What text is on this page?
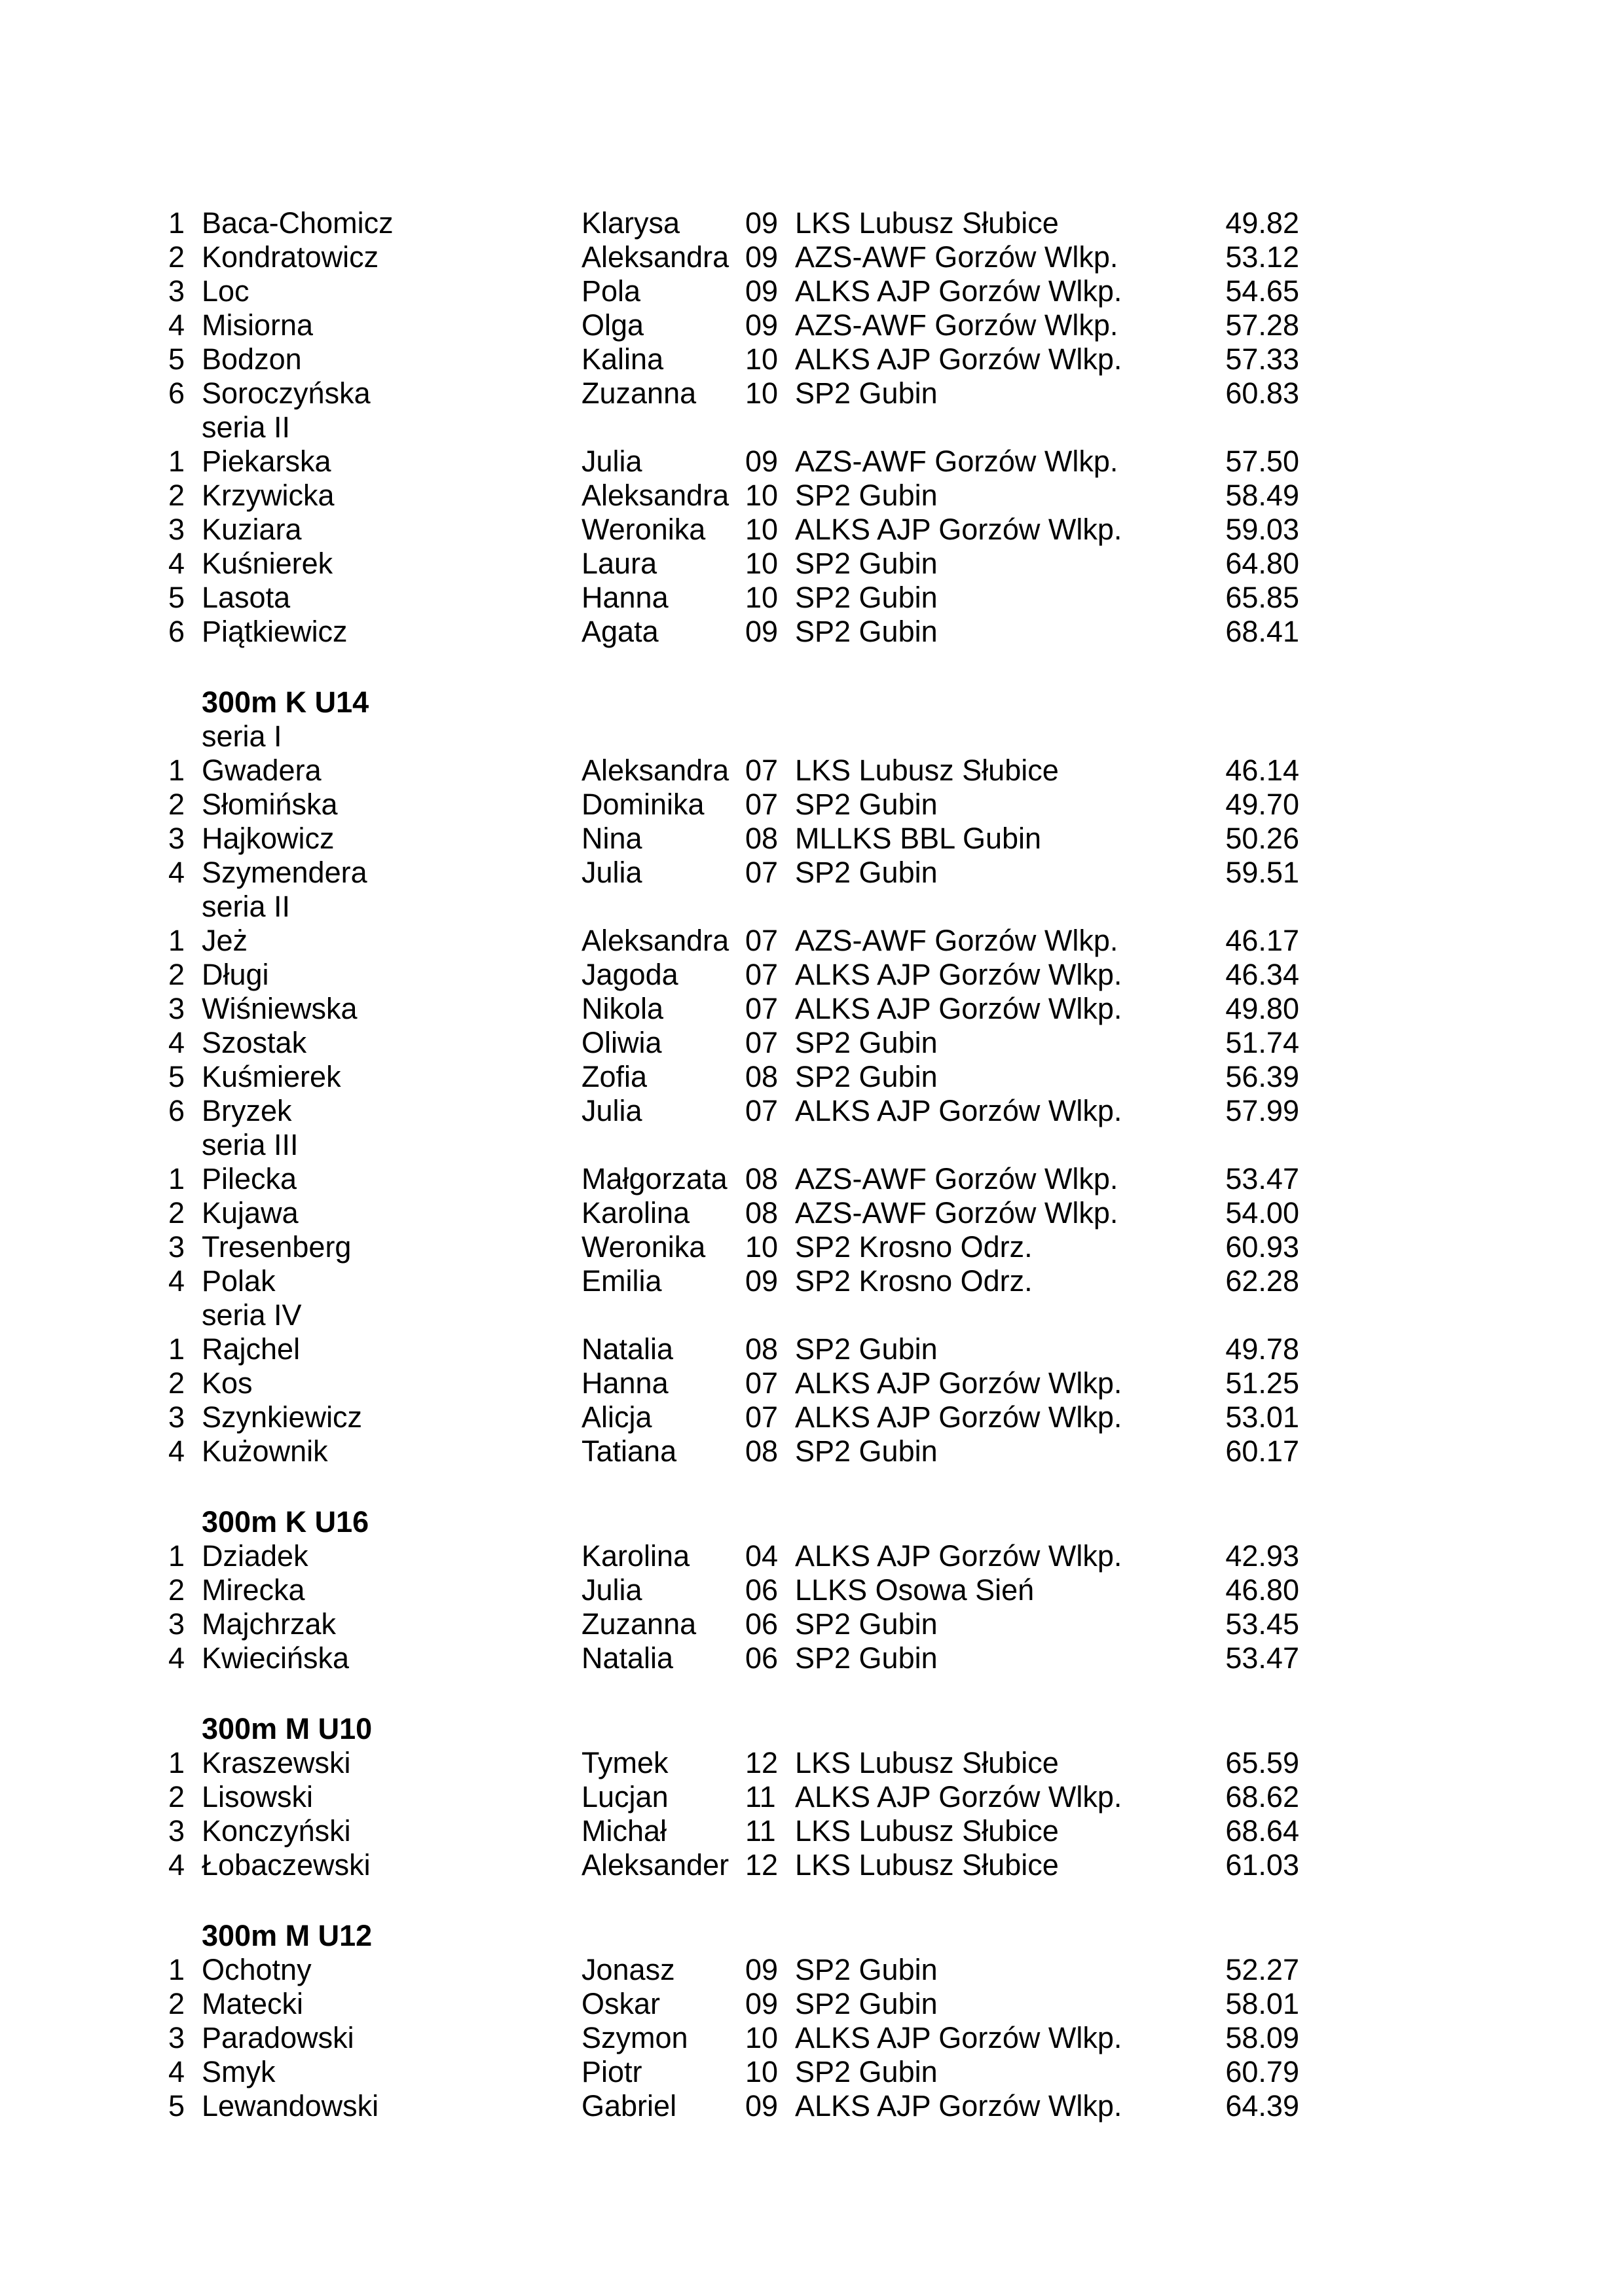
1 Baca-Chomicz	Klarysa 09 LKS Lubusz Słubice	49.82
2 Kondratowicz	Aleksandra 09 AZS-AWF Gorzów Wlkp.	53.12
3 Loc	Pola	09 ALKS AJP Gorzów Wlkp.	54.65
4 Misiorna	Olga	09 AZS-AWF Gorzów Wlkp.	57.28
5 Bodzon	Kalina	10 ALKS AJP Gorzów Wlkp.	57.33
6 Soroczyńska	Zuzanna 10 SP2 Gubin	60.83
seria II
1 Piekarska	Julia	09 AZS-AWF Gorzów Wlkp.	57.50
2 Krzywicka	Aleksandra 10 SP2 Gubin	58.49
3 Kuziara	Weronika 10 ALKS AJP Gorzów Wlkp.	59.03
4 Kuśnierek	Laura	10 SP2 Gubin	64.80
5 Lasota	Hanna	10 SP2 Gubin	65.85
6 Piątkiewicz	Agata	09 SP2 Gubin	68.41
300m K U14
seria I
1 Gwadera	Aleksandra 07 LKS Lubusz Słubice	46.14
2 Słomińska	Dominika 07 SP2 Gubin	49.70
3 Hajkowicz	Nina	08 MLLKS BBL Gubin	50.26
4 Szymendera	Julia	07 SP2 Gubin	59.51
seria II
1 Jeż	Aleksandra 07 AZS-AWF Gorzów Wlkp.	46.17
2 Długi	Jagoda 07 ALKS AJP Gorzów Wlkp.	46.34
3 Wiśniewska	Nikola	07 ALKS AJP Gorzów Wlkp.	49.80
4 Szostak	Oliwia	07 SP2 Gubin	51.74
5 Kuśmierek	Zofia	08 SP2 Gubin	56.39
6 Bryzek	Julia	07 ALKS AJP Gorzów Wlkp.	57.99
seria III
1 Pilecka	Małgorzata 08 AZS-AWF Gorzów Wlkp.	53.47
2 Kujawa	Karolina 08 AZS-AWF Gorzów Wlkp.	54.00
3 Tresenberg	Weronika 10 SP2 Krosno Odrz.	60.93
4 Polak	Emilia	09 SP2 Krosno Odrz.	62.28
seria IV
1 Rajchel	Natalia 08 SP2 Gubin	49.78
2 Kos	Hanna	07 ALKS AJP Gorzów Wlkp.	51.25
3 Szynkiewicz	Alicja	07 ALKS AJP Gorzów Wlkp.	53.01
4 Kużownik	Tatiana 08 SP2 Gubin	60.17
300m K U16
1 Dziadek	Karolina 04 ALKS AJP Gorzów Wlkp.	42.93
2 Mirecka	Julia	06 LLKS Osowa Sień	46.80
3 Majchrzak	Zuzanna 06 SP2 Gubin	53.45
4 Kwiecińska	Natalia 06 SP2 Gubin	53.47
300m M U10
1 Kraszewski	Tymek	12 LKS Lubusz Słubice	65.59
2 Lisowski	Lucjan	11 ALKS AJP Gorzów Wlkp.	68.62
3 Konczyński	Michał	11 LKS Lubusz Słubice	68.64
4 Łobaczewski	Aleksander 12 LKS Lubusz Słubice	61.03
300m M U12
1 Ochotny	Jonasz 09 SP2 Gubin	52.27
2 Matecki	Oskar	09 SP2 Gubin	58.01
3 Paradowski	Szymon 10 ALKS AJP Gorzów Wlkp.	58.09
4 Smyk	Piotr	10 SP2 Gubin	60.79
5 Lewandowski	Gabriel 09 ALKS AJP Gorzów Wlkp.	64.39
